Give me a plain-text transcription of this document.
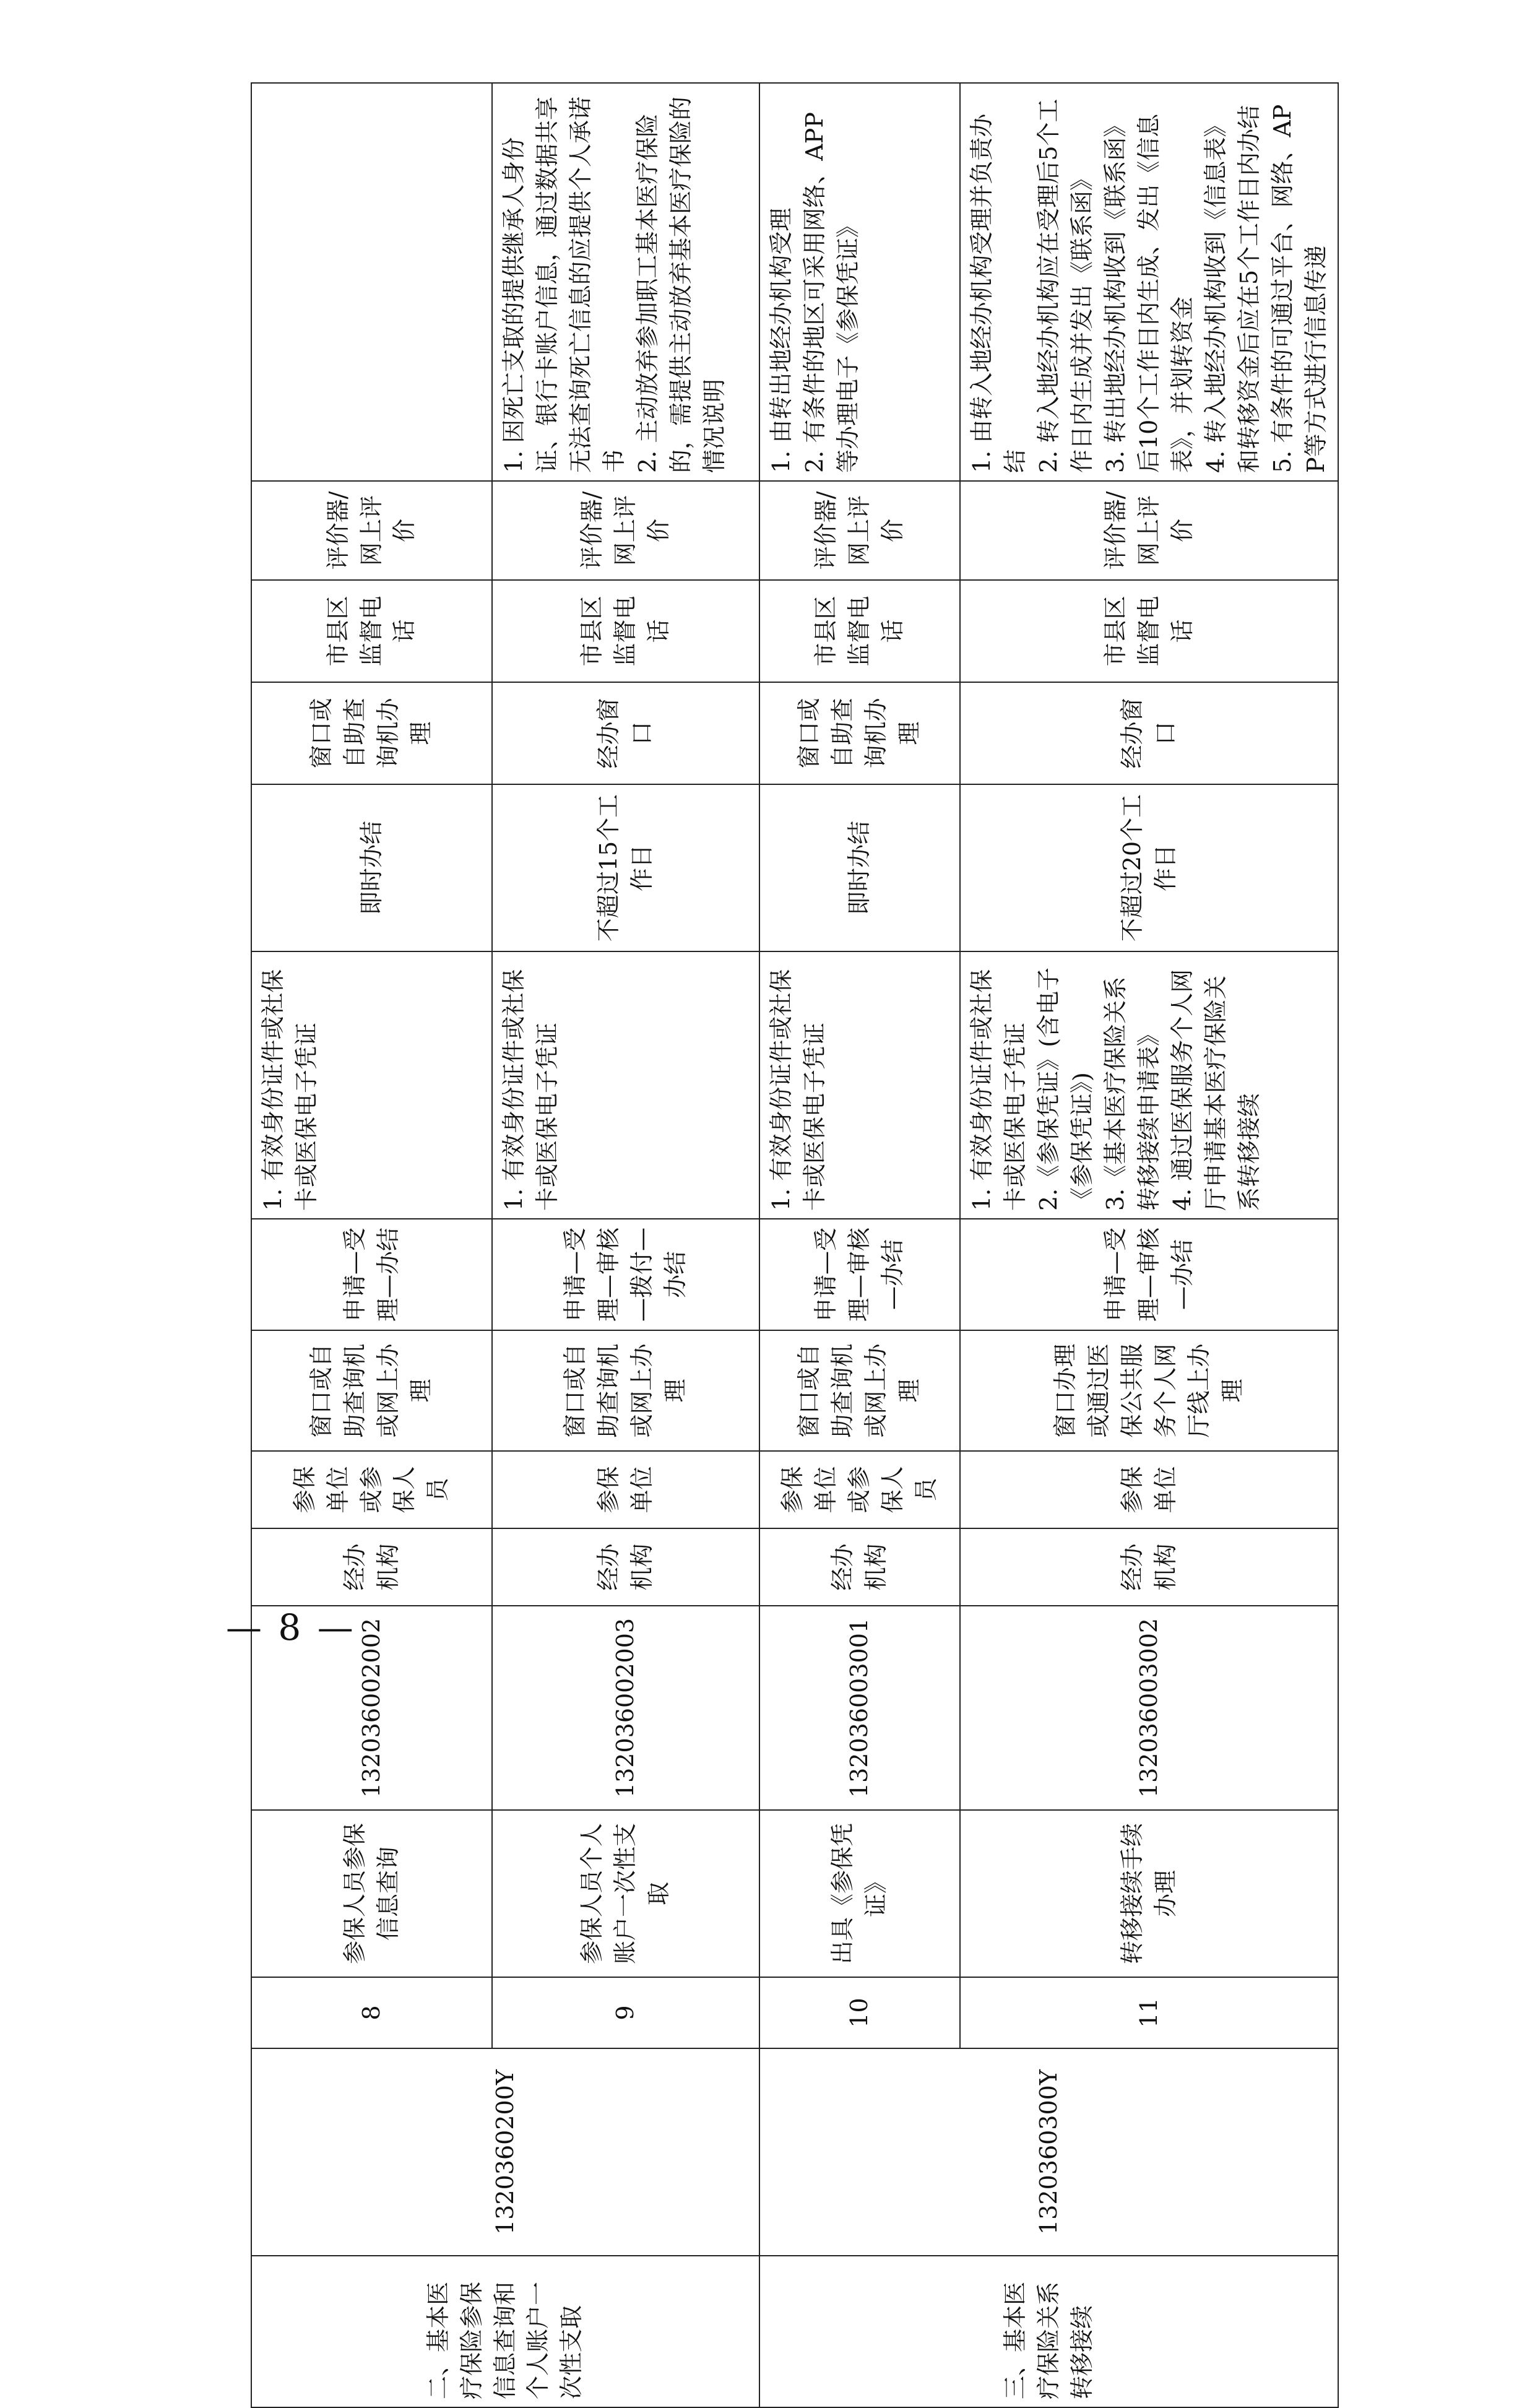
二、基本医疗保险参保信息查询和个人账户一次性支取	1320360200Y	8	参保人员参保信息查询	13203600200​2	经办机构	参保单位或参保人员	窗口或自助查询机或网上办理	申请—受理—办结	1. 有效身份证件或社保卡或医保电子凭证	即时办结	窗口或自助查询机办理	市县区监督电话	评价器/网上评价	
		9	参保人员个人账户一次性支取	13203600200​3	经办机构	参保单位	窗口或自助查询机或网上办理	申请—受理—审核—拨付—办结	1. 有效身份证件或社保卡或医保电子凭证	不超过15个工作日	经办窗口	市县区监督电话	评价器/网上评价	1. 因死亡支取的提供继承人身份证、银行卡账户信息，通过数据共享无法查询死亡信息的应提供个人承诺书 2. 主动放弃参加职工基本医疗保险的，需提供主动放弃基本医疗保险的情况说明

三、基本医疗保险关系转移接续	1320360300Y	10	出具《参保凭证》	13203600300​1	经办机构	参保单位或参保人员	窗口或自助查询机或网上办理	申请—受理—审核—办结	1. 有效身份证件或社保卡或医保电子凭证	即时办结	窗口或自助查询机办理	市县区监督电话	评价器/网上评价	1. 由转出地经办机构受理 2. 有条件的地区可采用网络、APP等办理电子《参保凭证》

		11	转移接续手续办理	13203600300​2	经办机构	参保单位	窗口办理或通过医保公共服务个人网厅线上办理	申请—受理—审核—办结	1. 有效身份证件或社保卡或医保电子凭证 2.《参保凭证》(含电子《参保凭证》) 3.《基本医疗保险关系转移接续申请表》 4. 通过医保服务个人网厅申请基本医疗保险关系转移接续	不超过20个工作日	经办窗口	市县区监督电话	评价器/网上评价	1. 由转入地经办机构受理并负责办结 2. 转入地经办机构应在受理后5个工作日内生成并发出《联系函》 3. 转出地经办机构收到《联系函》后10个工作日内生成、发出《信息表》，并划转资金 4. 转入地经办机构收到《信息表》和转移资金后应在5个工作日内办结 5. 有条件的可通过平台、网络、APP等方式进行信息传递
— 8 —
